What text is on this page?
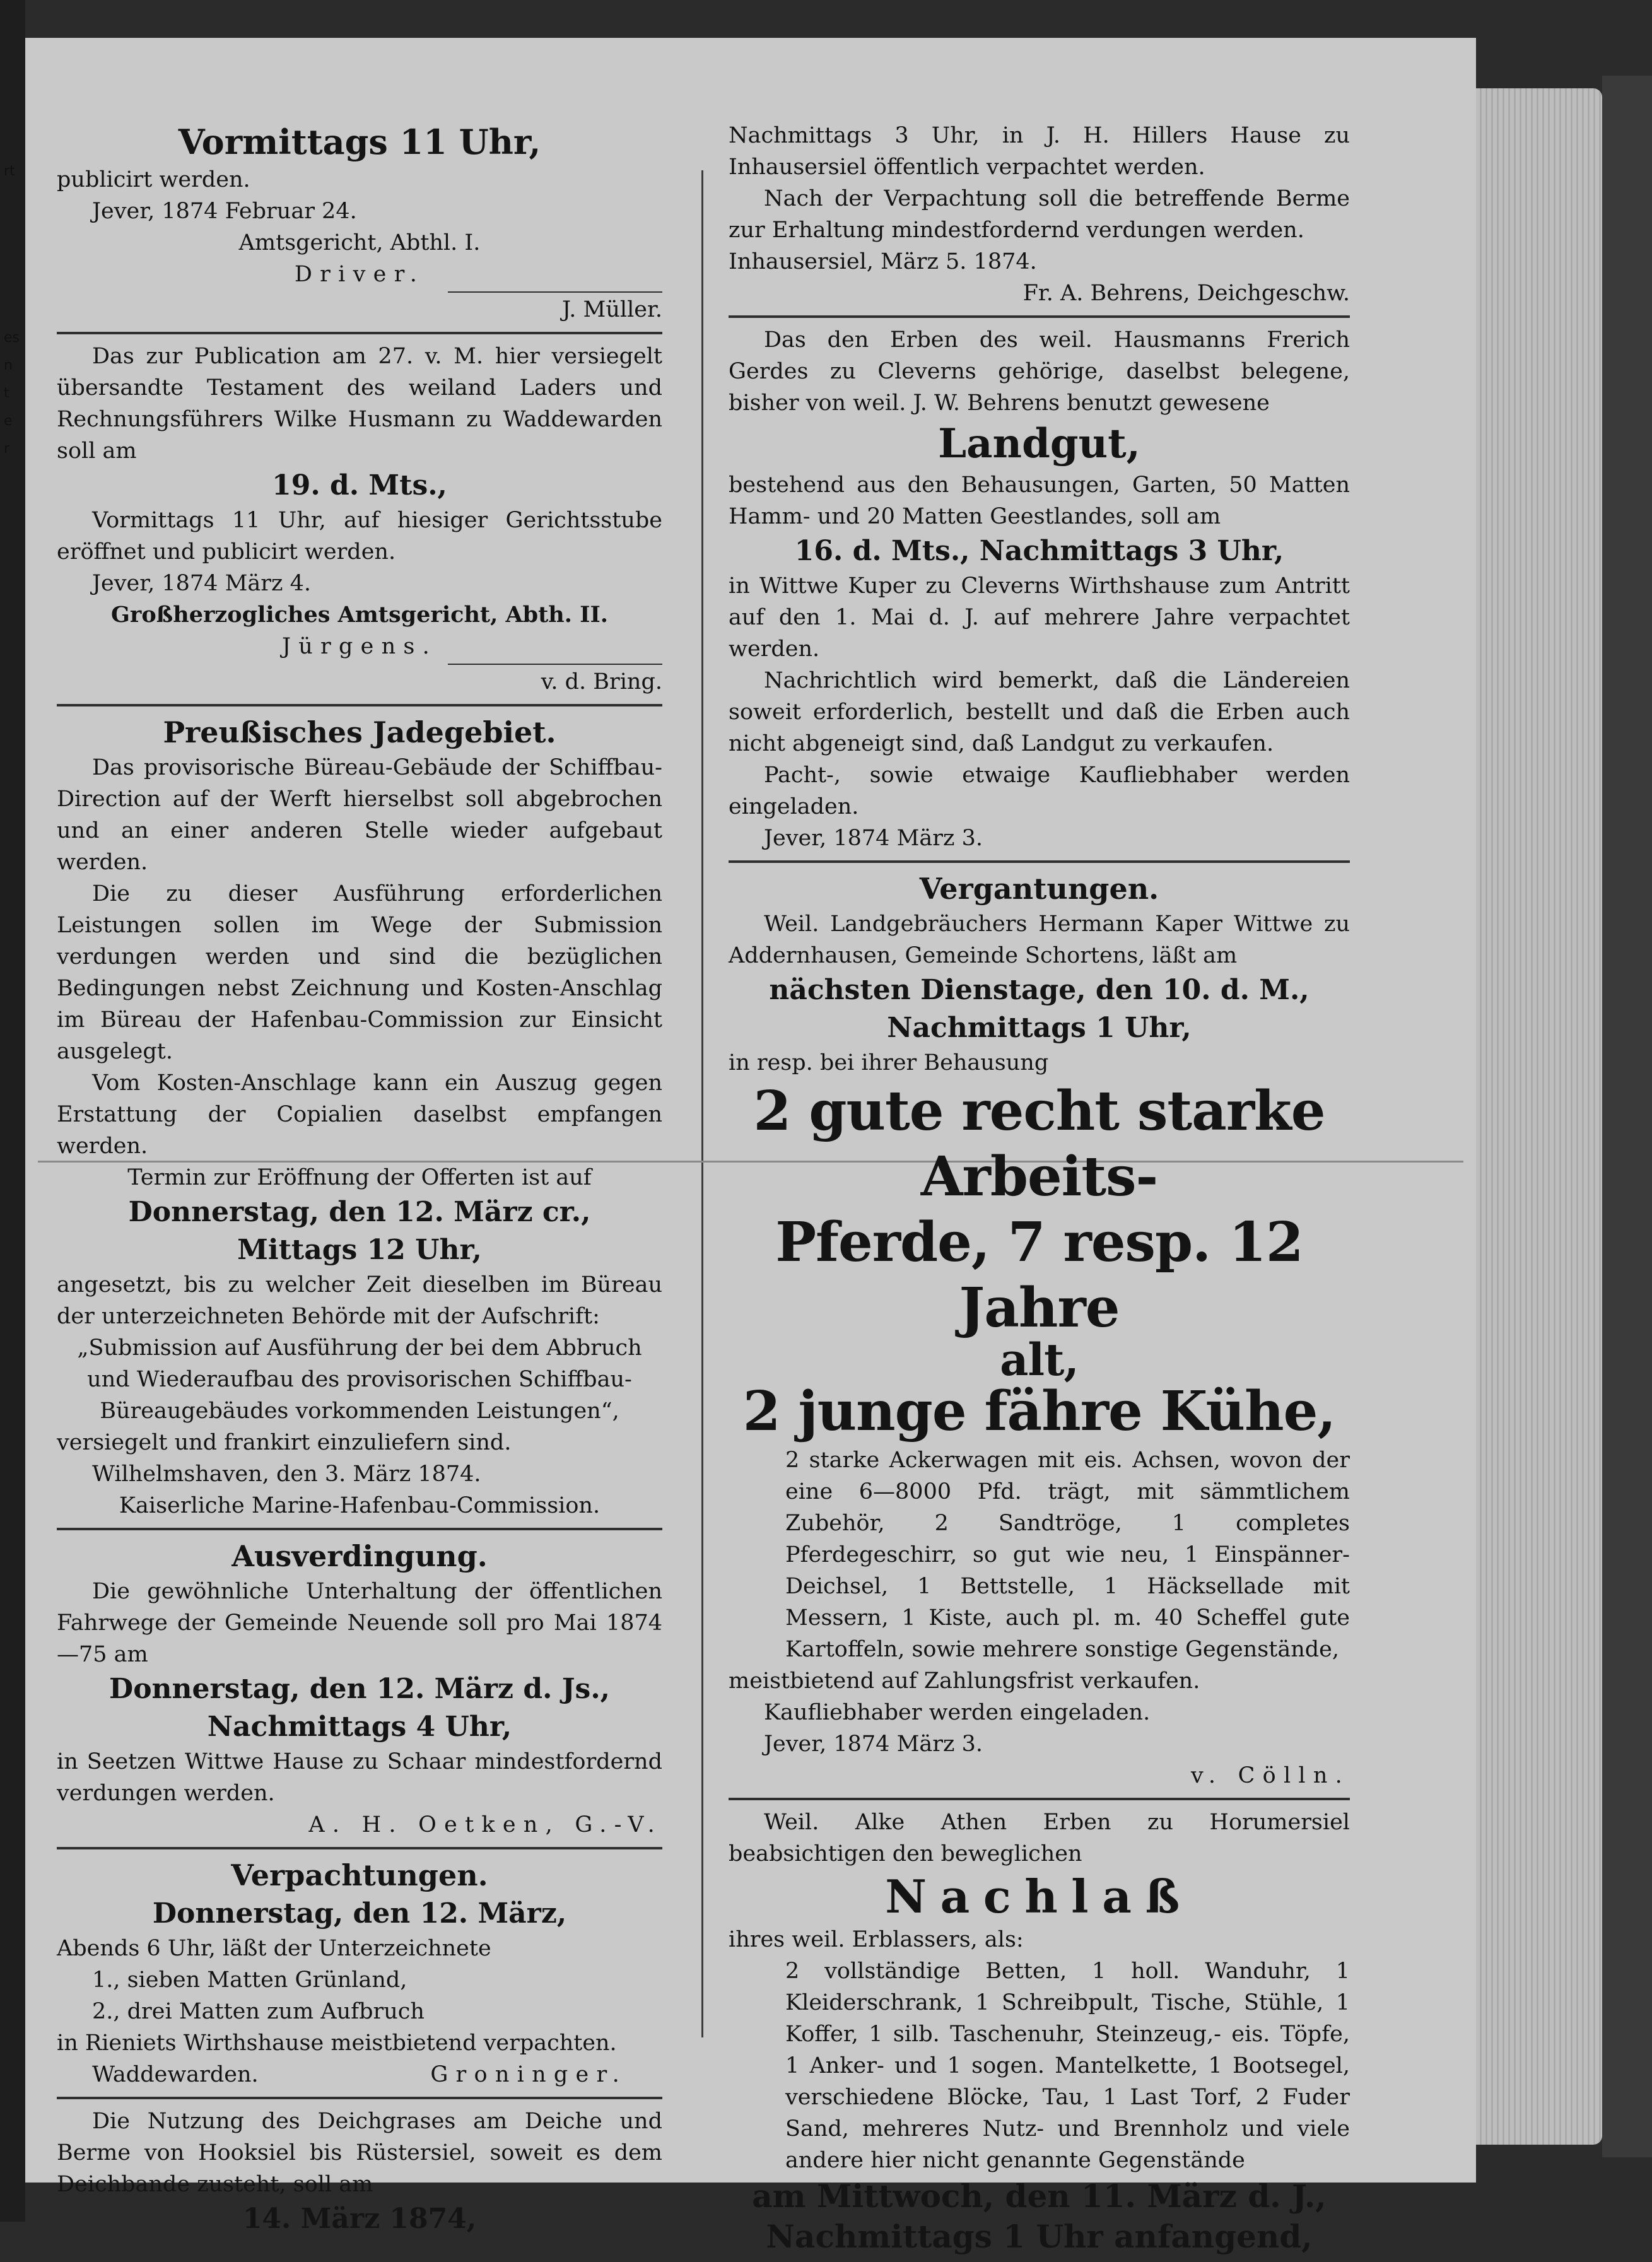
rt
es
n
t
e
r

Vormittags 11 Uhr,

publicirt werden.

Jever, 1874 Februar 24.

Amtsgericht, Abthl. I.

Driver.

J. Müller.

Das zur Publication am 27. v. M. hier versiegelt übersandte Testament des weiland Laders und Rechnungsführers Wilke Husmann zu Waddewarden soll am

19. d. Mts.,

Vormittags 11 Uhr, auf hiesiger Gerichtsstube eröffnet und publicirt werden.

Jever, 1874 März 4.

Großherzogliches Amtsgericht, Abth. II.

Jürgens.

v. d. Bring.

Preußisches Jadegebiet.

Das provisorische Büreau-Gebäude der Schiffbau-Direction auf der Werft hierselbst soll abgebrochen und an einer anderen Stelle wieder aufgebaut werden.

Die zu dieser Ausführung erforderlichen Leistungen sollen im Wege der Submission verdungen werden und sind die bezüglichen Bedingungen nebst Zeichnung und Kosten-Anschlag im Büreau der Hafenbau-Commission zur Einsicht ausgelegt.

Vom Kosten-Anschlage kann ein Auszug gegen Erstattung der Copialien daselbst empfangen werden.

Termin zur Eröffnung der Offerten ist auf

Donnerstag, den 12. März cr.,

Mittags 12 Uhr,

angesetzt, bis zu welcher Zeit dieselben im Büreau der unterzeichneten Behörde mit der Aufschrift:

„Submission auf Ausführung der bei dem Abbruch und Wiederaufbau des provisorischen Schiffbau-Büreaugebäudes vorkommenden Leistungen“,

versiegelt und frankirt einzuliefern sind.

Wilhelmshaven, den 3. März 1874.

Kaiserliche Marine-Hafenbau-Commission.

Ausverdingung.

Die gewöhnliche Unterhaltung der öffentlichen Fahrwege der Gemeinde Neuende soll pro Mai 1874—75 am

Donnerstag, den 12. März d. Js.,

Nachmittags 4 Uhr,

in Seetzen Wittwe Hause zu Schaar mindestfordernd verdungen werden.

A. H. Oetken, G.-V.

Verpachtungen.

Donnerstag, den 12. März,

Abends 6 Uhr, läßt der Unterzeichnete

1., sieben Matten Grünland,

2., drei Matten zum Aufbruch

in Rieniets Wirthshause meistbietend verpachten.

Waddewarden.	Groninger.

Die Nutzung des Deichgrases am Deiche und Berme von Hooksiel bis Rüstersiel, soweit es dem Deichbande zusteht, soll am

14. März 1874,

Nachmittags 3 Uhr, in J. H. Hillers Hause zu Inhausersiel öffentlich verpachtet werden.

Nach der Verpachtung soll die betreffende Berme zur Erhaltung mindestfordernd verdungen werden.

Inhausersiel, März 5. 1874.

Fr. A. Behrens, Deichgeschw.

Das den Erben des weil. Hausmanns Frerich Gerdes zu Cleverns gehörige, daselbst belegene, bisher von weil. J. W. Behrens benutzt gewesene

Landgut,

bestehend aus den Behausungen, Garten, 50 Matten Hamm- und 20 Matten Geestlandes, soll am

16. d. Mts., Nachmittags 3 Uhr,

in Wittwe Kuper zu Cleverns Wirthshause zum Antritt auf den 1. Mai d. J. auf mehrere Jahre verpachtet werden.

Nachrichtlich wird bemerkt, daß die Ländereien soweit erforderlich, bestellt und daß die Erben auch nicht abgeneigt sind, daß Landgut zu verkaufen.

Pacht-, sowie etwaige Kaufliebhaber werden eingeladen.

Jever, 1874 März 3.

Vergantungen.

Weil. Landgebräuchers Hermann Kaper Wittwe zu Addernhausen, Gemeinde Schortens, läßt am

nächsten Dienstage, den 10. d. M.,

Nachmittags 1 Uhr,

in resp. bei ihrer Behausung

2 gute recht starke Arbeits-

Pferde, 7 resp. 12 Jahre

alt,

2 junge fähre Kühe,

2 starke Ackerwagen mit eis. Achsen, wovon der eine 6—8000 Pfd. trägt, mit sämmtlichem Zubehör, 2 Sandtröge, 1 completes Pferdegeschirr, so gut wie neu, 1 Einspänner-Deichsel, 1 Bettstelle, 1 Häcksellade mit Messern, 1 Kiste, auch pl. m. 40 Scheffel gute Kartoffeln, sowie mehrere sonstige Gegenstände,

meistbietend auf Zahlungsfrist verkaufen.

Kaufliebhaber werden eingeladen.

Jever, 1874 März 3.

v. Cölln.

Weil. Alke Athen Erben zu Horumersiel beabsichtigen den beweglichen

Nachlaß

ihres weil. Erblassers, als:

2 vollständige Betten, 1 holl. Wanduhr, 1 Kleiderschrank, 1 Schreibpult, Tische, Stühle, 1 Koffer, 1 silb. Taschenuhr, Steinzeug,- eis. Töpfe, 1 Anker- und 1 sogen. Mantelkette, 1 Bootsegel, verschiedene Blöcke, Tau, 1 Last Torf, 2 Fuder Sand, mehreres Nutz- und Brennholz und viele andere hier nicht genannte Gegenstände

am Mittwoch, den 11. März d. J.,

Nachmittags 1 Uhr anfangend,
